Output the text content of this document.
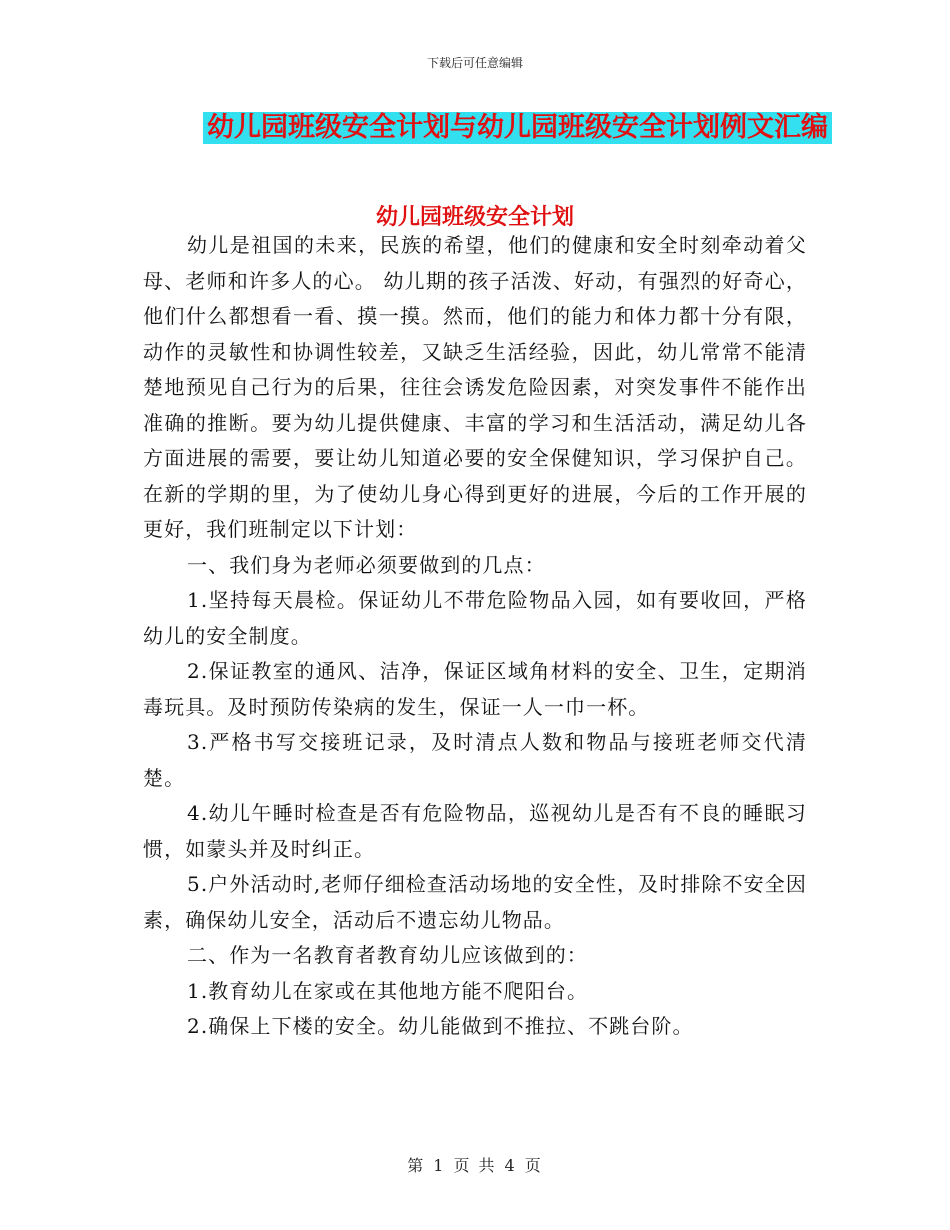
下载后可任意编辑
幼儿园班级安全计划与幼儿园班级安全计划例文汇编
幼儿园班级安全计划

幼儿是祖国的未来，民族的希望，他们的健康和安全时刻牵动着父母、老师和许多人的心。 幼儿期的孩子活泼、好动，有强烈的好奇心，他们什么都想看一看、摸一摸。然而，他们的能力和体力都十分有限，动作的灵敏性和协调性较差，又缺乏生活经验，因此，幼儿常常不能清楚地预见自己行为的后果，往往会诱发危险因素，对突发事件不能作出准确的推断。要为幼儿提供健康、丰富的学习和生活活动，满足幼儿各方面进展的需要，要让幼儿知道必要的安全保健知识，学习保护自己。在新的学期的里，为了使幼儿身心得到更好的进展，今后的工作开展的更好，我们班制定以下计划：

一、我们身为老师必须要做到的几点：

1.坚持每天晨检。保证幼儿不带危险物品入园，如有要收回，严格幼儿的安全制度。

2.保证教室的通风、洁净，保证区域角材料的安全、卫生，定期消毒玩具。及时预防传染病的发生，保证一人一巾一杯。

3.严格书写交接班记录，及时清点人数和物品与接班老师交代清楚。

4.幼儿午睡时检查是否有危险物品，巡视幼儿是否有不良的睡眠习惯，如蒙头并及时纠正。

5.户外活动时,老师仔细检查活动场地的安全性，及时排除不安全因素，确保幼儿安全，活动后不遗忘幼儿物品。

二、作为一名教育者教育幼儿应该做到的：

1.教育幼儿在家或在其他地方能不爬阳台。

2.确保上下楼的安全。幼儿能做到不推拉、不跳台阶。

第 1 页 共 4 页
